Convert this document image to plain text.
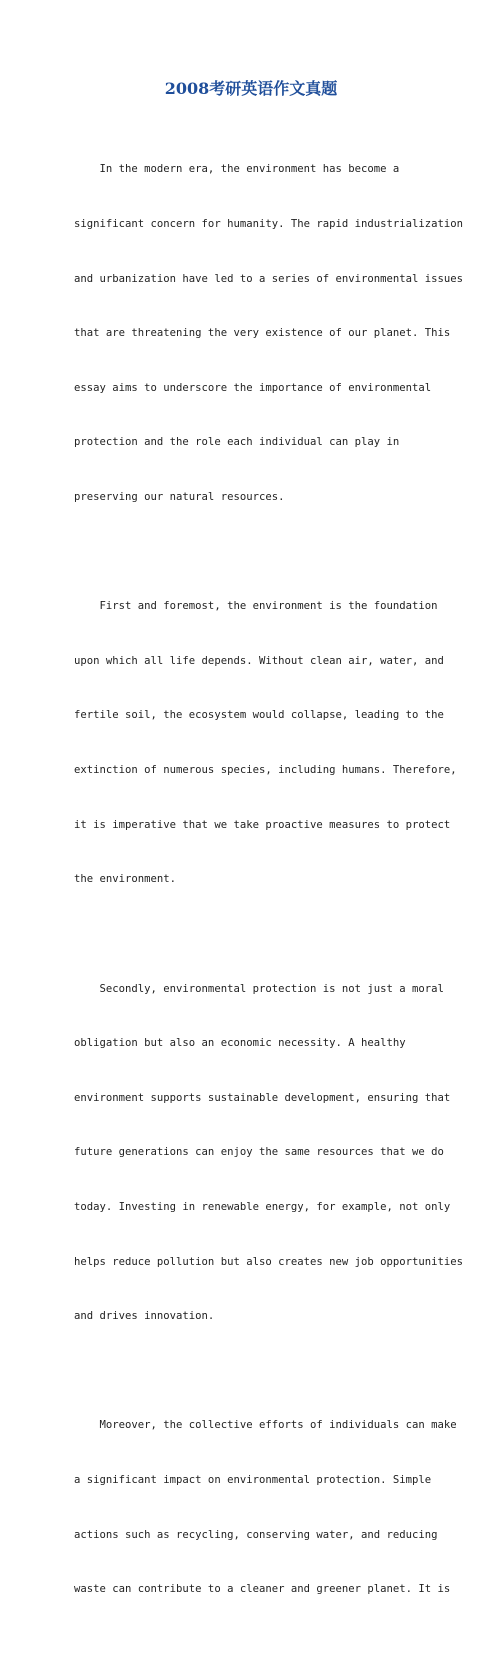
2008考研英语作文真题

In the modern era, the environment has become a

significant concern for humanity. The rapid industrialization

and urbanization have led to a series of environmental issues

that are threatening the very existence of our planet. This

essay aims to underscore the importance of environmental

protection and the role each individual can play in

preserving our natural resources.

First and foremost, the environment is the foundation

upon which all life depends. Without clean air, water, and

fertile soil, the ecosystem would collapse, leading to the

extinction of numerous species, including humans. Therefore,

it is imperative that we take proactive measures to protect

the environment.

Secondly, environmental protection is not just a moral

obligation but also an economic necessity. A healthy

environment supports sustainable development, ensuring that

future generations can enjoy the same resources that we do

today. Investing in renewable energy, for example, not only

helps reduce pollution but also creates new job opportunities

and drives innovation.

Moreover, the collective efforts of individuals can make

a significant impact on environmental protection. Simple

actions such as recycling, conserving water, and reducing

waste can contribute to a cleaner and greener planet. It is
